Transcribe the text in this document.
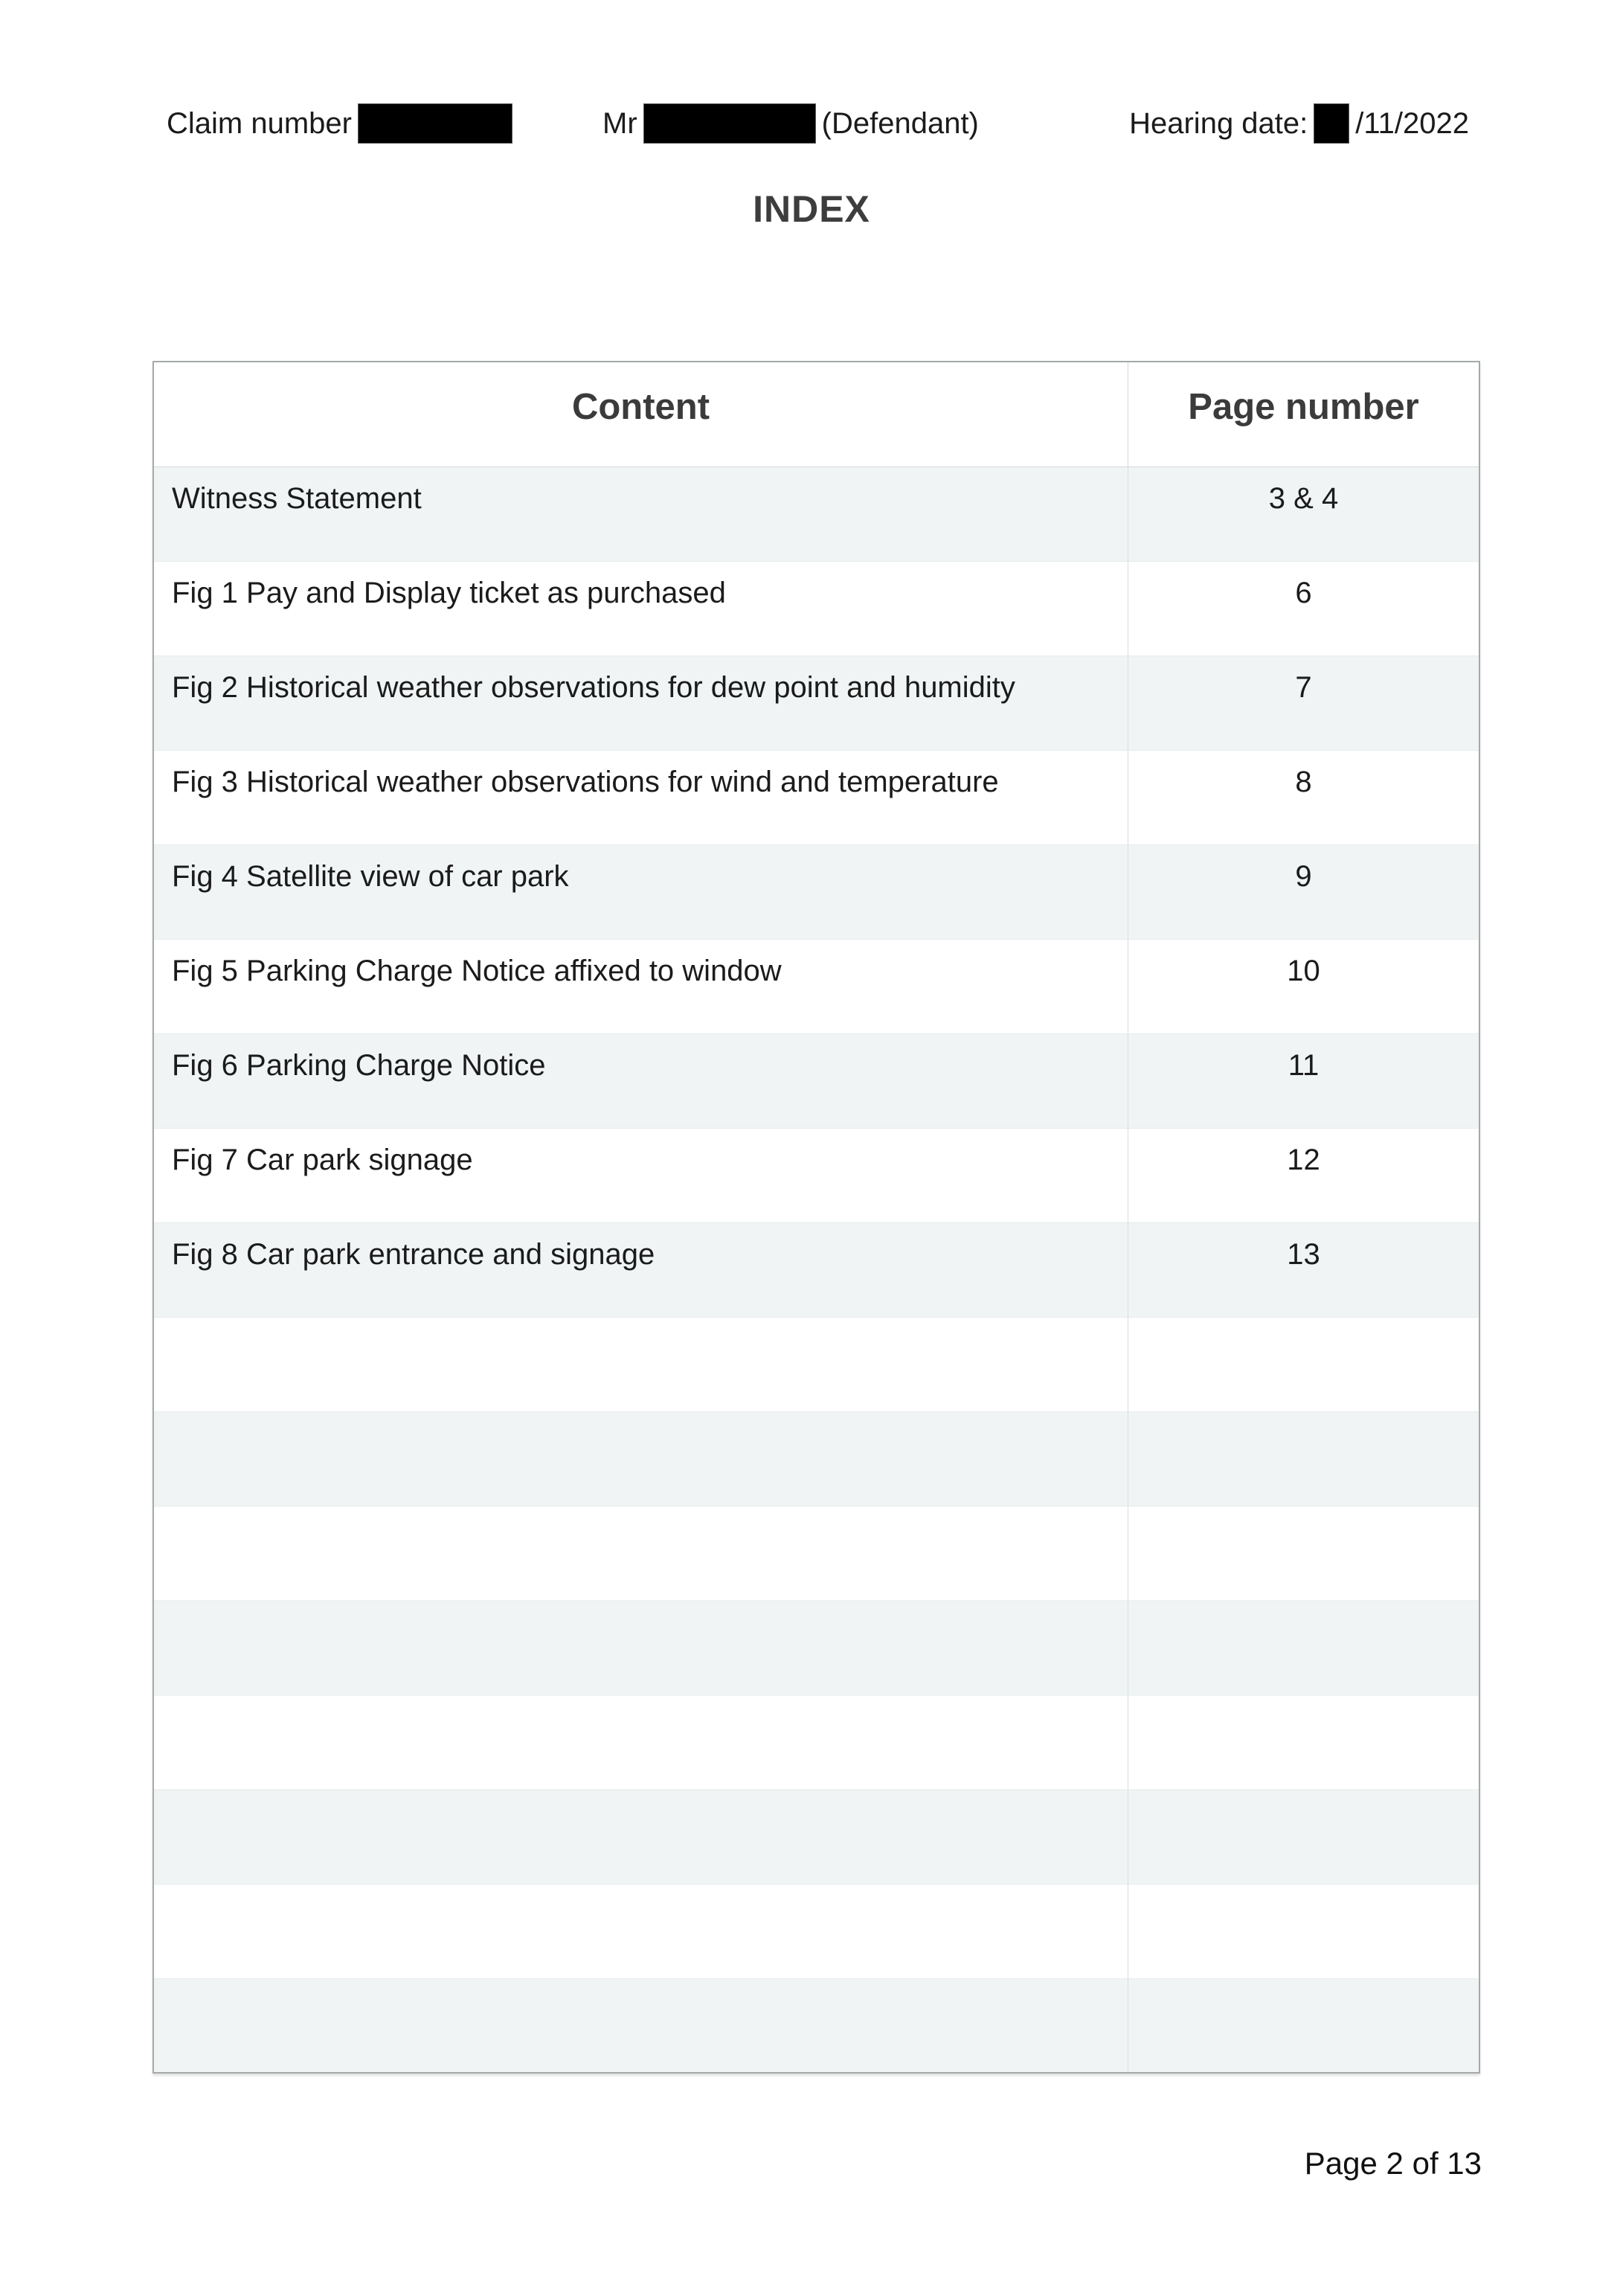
Claim number	Mr	(Defendant)	Hearing date: /11/2022
INDEX
Content	Page number
Witness Statement	3 & 4
Fig 1 Pay and Display ticket as purchased	6
Fig 2 Historical weather observations for dew point and humidity	7
Fig 3 Historical weather observations for wind and temperature	8
Fig 4 Satellite view of car park	9
Fig 5 Parking Charge Notice affixed to window	10
Fig 6 Parking Charge Notice	11
Fig 7 Car park signage	12
Fig 8 Car park entrance and signage	13

Page 2 of 13
